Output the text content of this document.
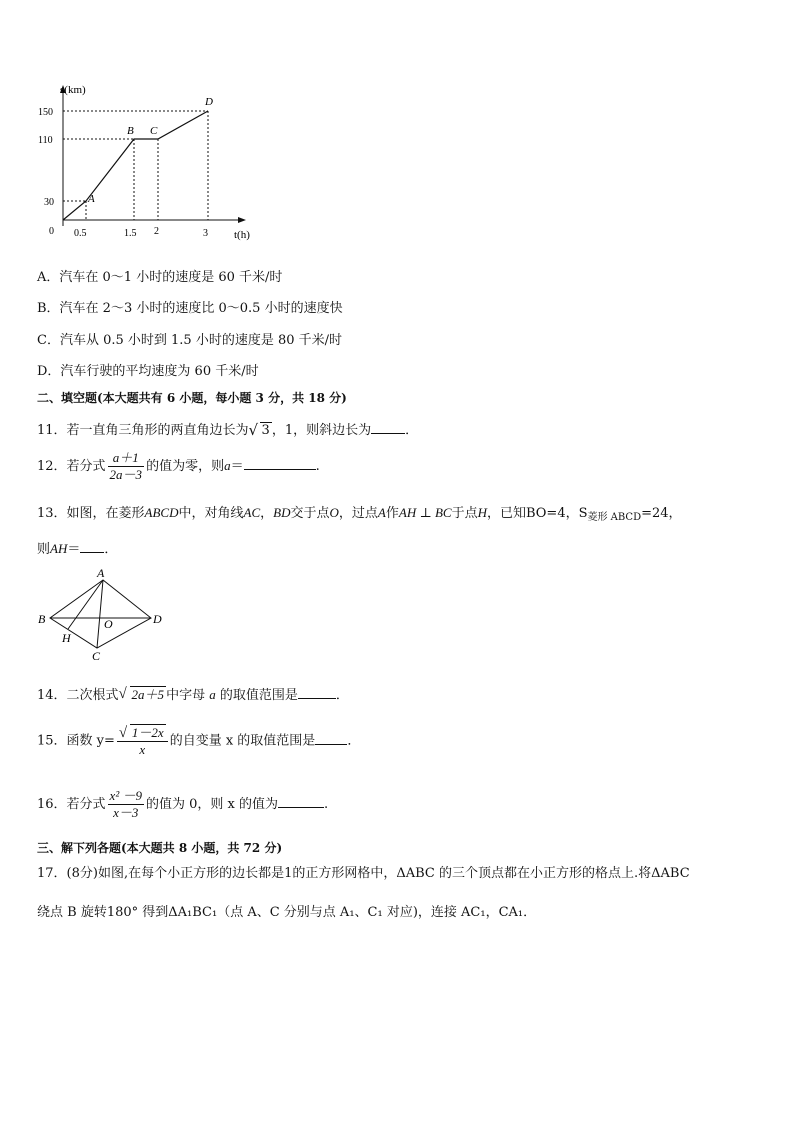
s(km)
t(h)
150
110
30
0 0.5	1.5 2	3
A
B C
D
A．汽车在 0～1 小时的速度是 60 千米/时
B．汽车在 2～3 小时的速度比 0～0.5 小时的速度快
C．汽车从 0.5 小时到 1.5 小时的速度是 80 千米/时
D．汽车行驶的平均速度为 60 千米/时
二、填空题(本大题共有 6 小题，每小题 3 分，共 18 分)
11．若一直角三角形的两直角边长为 √ 3 ，1，则斜边长为	．
12．若分式 $\frac{a+1}{2a-3}$ 的值为零，则a＝	.
13．如图，在菱形ABCD中，对角线AC，BD交于点O，过点A作AH ⊥ BC于点H，已知BO=4，$S_{菱形 ABCD}=24$，
则AH＝ ．
A
B
C
D
O
H
14．二次根式 √ 2a＋5 中字母 a 的取值范围是	．
15．函数 $y= \frac{√ 1-2x}{x}$ 的自变量 x 的取值范围是 ．
16．若分式 $\frac{\text{x² －9}}{x-3}$ 的值为 0，则 x 的值为	.
三、解下列各题(本大题共 8 小题，共 72 分)
17．(8分)如图,在每个小正方形的边长都是1的正方形网格中，ΔABC 的三个顶点都在小正方形的格点上.将ΔABC
绕点 B 旋转180° 得到ΔA₁BC₁（点 A、C 分别与点 A₁、C₁ 对应)，连接 AC₁，CA₁．
